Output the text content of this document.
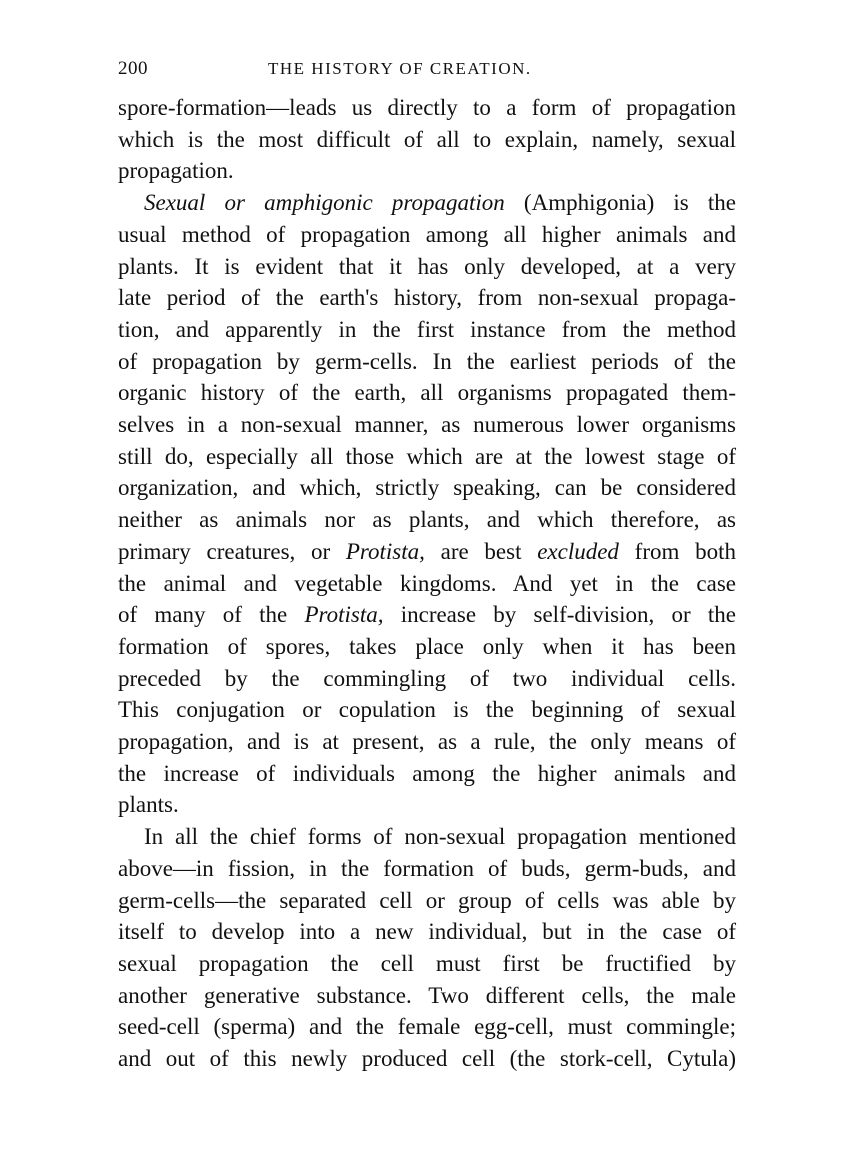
200	THE HISTORY OF CREATION.
spore-formation—leads us directly to a form of propagation
which is the most difficult of all to explain, namely, sexual
propagation.
Sexual or amphigonic propagation (Amphigonia) is the
usual method of propagation among all higher animals and
plants. It is evident that it has only developed, at a very
late period of the earth's history, from non-sexual propaga-
tion, and apparently in the first instance from the method
of propagation by germ-cells. In the earliest periods of the
organic history of the earth, all organisms propagated them-
selves in a non-sexual manner, as numerous lower organisms
still do, especially all those which are at the lowest stage of
organization, and which, strictly speaking, can be considered
neither as animals nor as plants, and which therefore, as
primary creatures, or Protista, are best excluded from both
the animal and vegetable kingdoms. And yet in the case
of many of the Protista, increase by self-division, or the
formation of spores, takes place only when it has been
preceded by the commingling of two individual cells.
This conjugation or copulation is the beginning of sexual
propagation, and is at present, as a rule, the only means of
the increase of individuals among the higher animals and
plants.
In all the chief forms of non-sexual propagation mentioned
above—in fission, in the formation of buds, germ-buds, and
germ-cells—the separated cell or group of cells was able by
itself to develop into a new individual, but in the case of
sexual propagation the cell must first be fructified by
another generative substance. Two different cells, the male
seed-cell (sperma) and the female egg-cell, must commingle;
and out of this newly produced cell (the stork-cell, Cytula)
